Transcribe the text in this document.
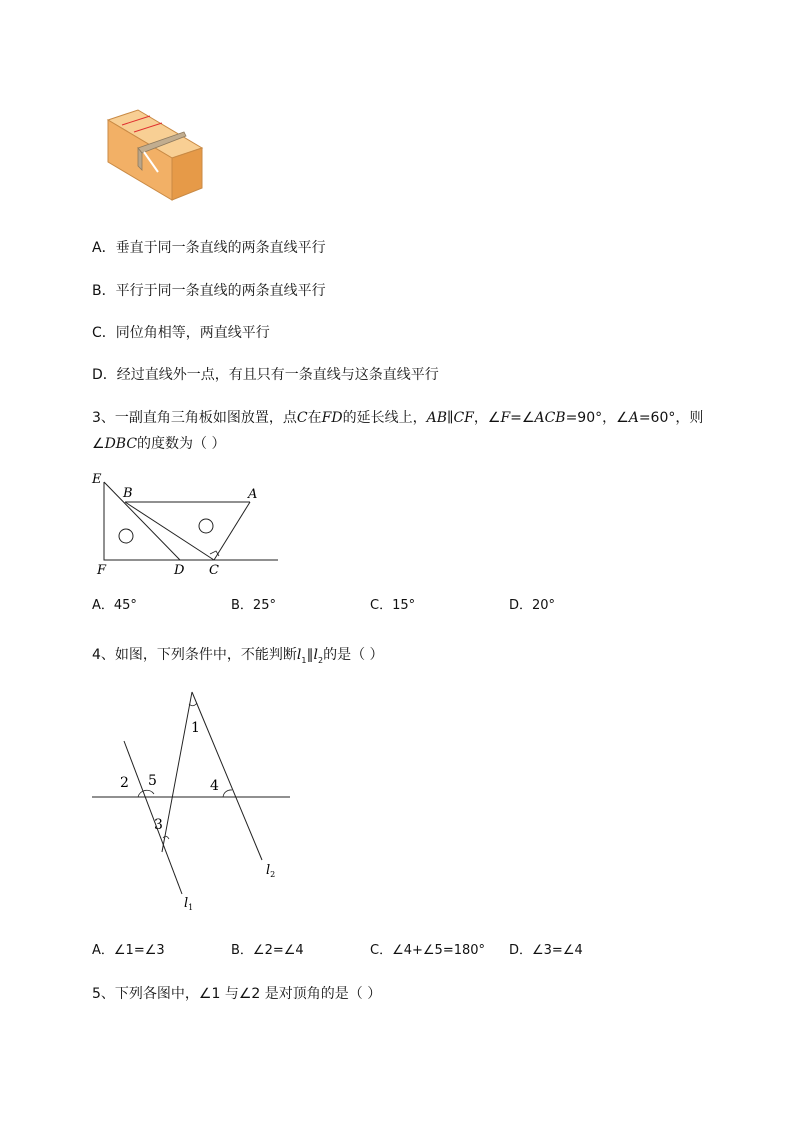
A．垂直于同一条直线的两条直线平行
B．平行于同一条直线的两条直线平行
C．同位角相等，两直线平行
D．经过直线外一点，有且只有一条直线与这条直线平行
3、一副直角三角板如图放置，点C在FD的延长线上，AB∥CF，∠F=∠ACB=90°，∠A=60°，则
∠DBC的度数为（ ）
E
B	A
F	D C
A．45°	B．25°	C．15°	D．20°
4、如图，下列条件中，不能判断$l_1\parallel l_2$的是（ ）
1
2 5
3
4
$l_2$
$l_1$
A．∠1=∠3	B．∠2=∠4	C．∠4+∠5=180° D．∠3=∠4
5、下列各图中，∠1 与∠2 是对顶角的是（ ）
